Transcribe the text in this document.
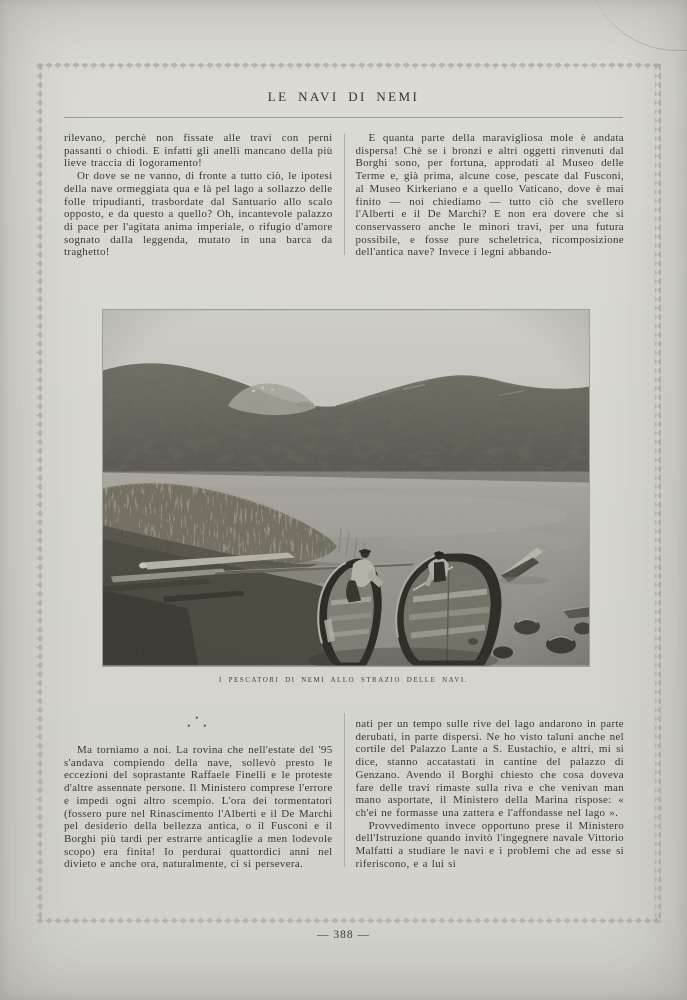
LE NAVI DI NEMI

rilevano, perchè non fissate alle travi con perni passanti o chiodi. E infatti gli anelli mancano della più lieve traccia di logoramento!

Or dove se ne vanno, di fronte a tutto ciò, le ipotesi della nave ormeggiata qua e là pel lago a sollazzo delle folle tripudianti, trasbordate dal Santuario allo scalo opposto, e da questo a quello? Oh, incantevole palazzo di pace per l'agitata anima imperiale, o rifugio d'amore sognato dalla leggenda, mutato in una barca da traghetto!

E quanta parte della maravigliosa mole è andata dispersa! Chè se i bronzi e altri oggetti rinvenuti dal Borghi sono, per fortuna, approdati al Museo delle Terme e, già prima, alcune cose, pescate dal Fusconi, al Museo Kirkeriano e a quello Vaticano, dove è mai finito — noi chiediamo — tutto ciò che svellero l'Alberti e il De Marchi? E non era dovere che si conservassero anche le minori travi, per una futura possibile, e fosse pure scheletrica, ricomposizione dell'antica nave? Invece i legni abbando-

I PESCATORI DI NEMI ALLO STRAZIO DELLE NAVI.
•
• •

Ma torniamo a noi. La rovina che nell'estate del '95 s'andava compiendo della nave, sollevò presto le eccezioni del soprastante Raffaele Finelli e le proteste d'altre assennate persone. Il Ministero comprese l'errore e impedì ogni altro scempio. L'ora dei tormentatori (fossero pure nel Rinascimento l'Alberti e il De Marchi pel desiderio della bellezza antica, o il Fusconi e il Borghi più tardi per estrarre anticaglie a men lodevole scopo) era finita! Io perdurai quattordici anni nel divieto e anche ora, naturalmente, ci si persevera.

nati per un tempo sulle rive del lago andarono in parte derubati, in parte dispersi. Ne ho visto taluni anche nel cortile del Palazzo Lante a S. Eustachio, e altri, mi si dice, stanno accatastati in cantine del palazzo di Genzano. Avendo il Borghi chiesto che cosa doveva fare delle travi rimaste sulla riva e che venivan man mano asportate, il Ministero della Marina rispose: « ch'ei ne formasse una zattera e l'affondasse nel lago ».

Provvedimento invece opportuno prese il Ministero dell'Istruzione quando invitò l'ingegnere navale Vittorio Malfatti a studiare le navi e i problemi che ad esse si riferiscono, e a lui si

— 388 —
